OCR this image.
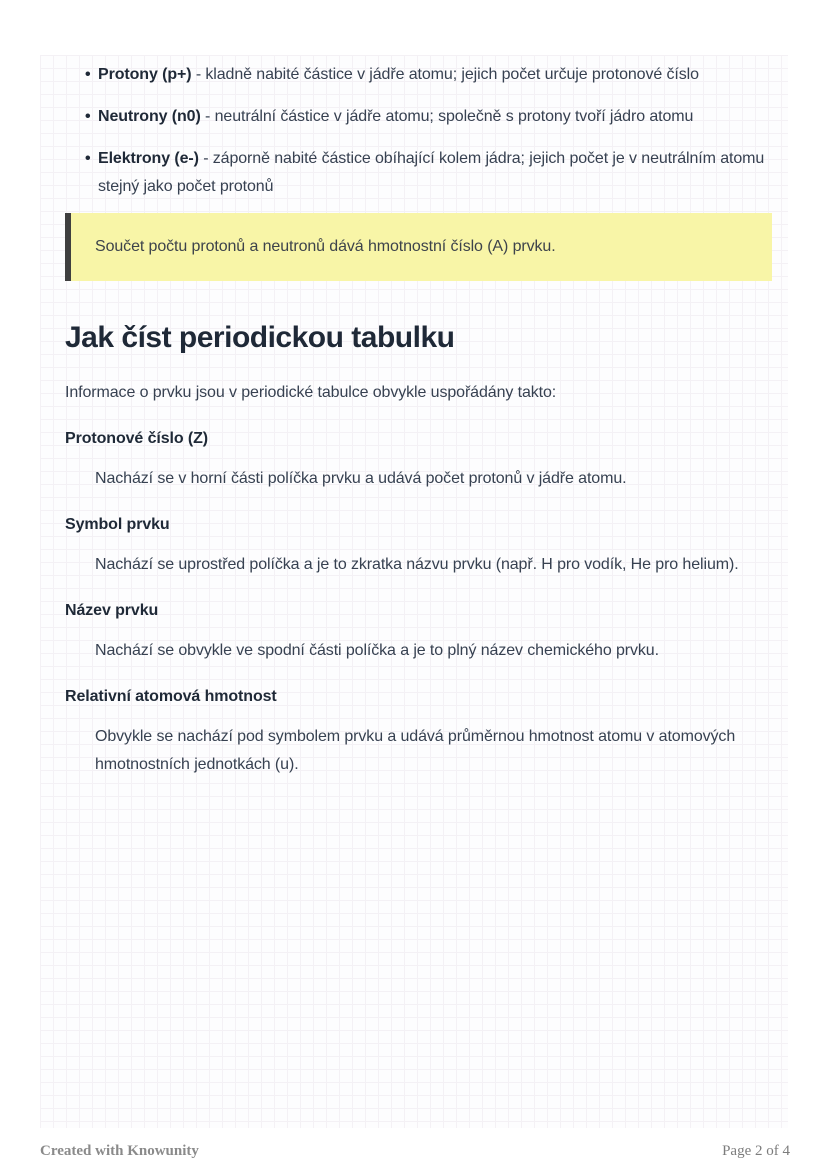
• Protony (p+) - kladně nabité částice v jádře atomu; jejich počet určuje protonové číslo
• Neutrony (n0) - neutrální částice v jádře atomu; společně s protony tvoří jádro atomu
• Elektrony (e-) - záporně nabité částice obíhající kolem jádra; jejich počet je v neutrálním atomu stejný jako počet protonů

Součet počtu protonů a neutronů dává hmotnostní číslo (A) prvku.

Jak číst periodickou tabulku

Informace o prvku jsou v periodické tabulce obvykle uspořádány takto:

Protonové číslo (Z)

Nachází se v horní části políčka prvku a udává počet protonů v jádře atomu.

Symbol prvku

Nachází se uprostřed políčka a je to zkratka názvu prvku (např. H pro vodík, He pro helium).

Název prvku

Nachází se obvykle ve spodní části políčka a je to plný název chemického prvku.

Relativní atomová hmotnost

Obvykle se nachází pod symbolem prvku a udává průměrnou hmotnost atomu v atomových hmotnostních jednotkách (u).

Created with Knowunity	Page 2 of 4
